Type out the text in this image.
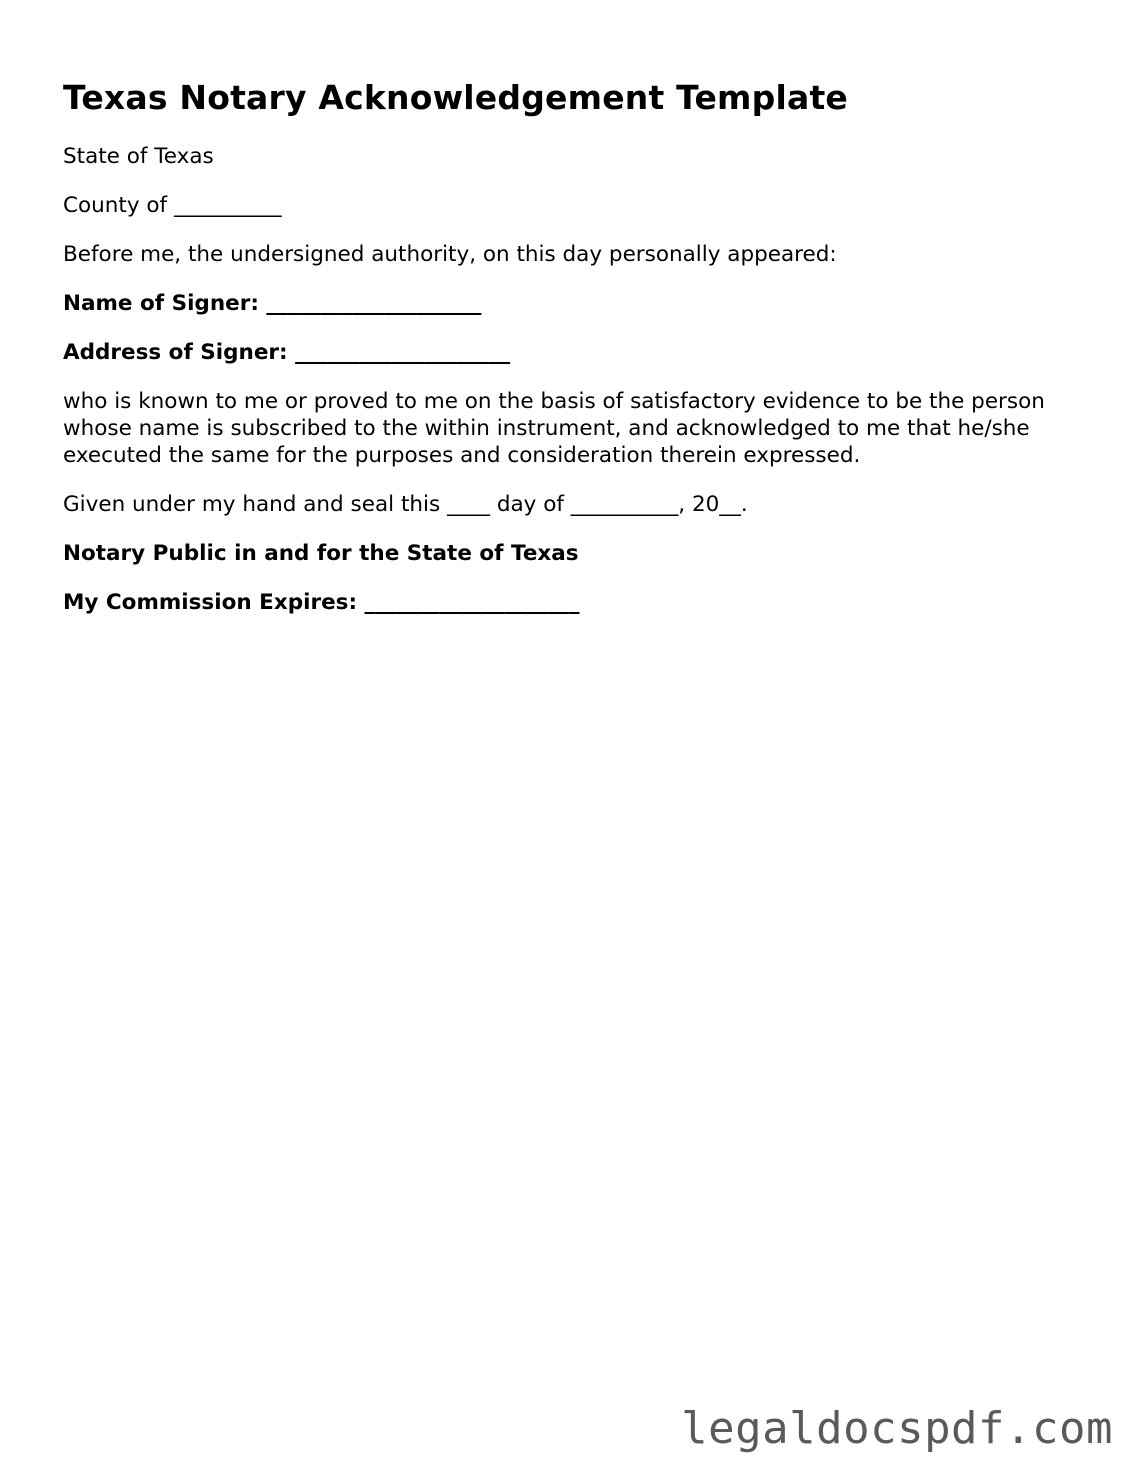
Texas Notary Acknowledgement Template

State of Texas

County of __________

Before me, the undersigned authority, on this day personally appeared:

Name of Signer: ____________________

Address of Signer: ____________________

who is known to me or proved to me on the basis of satisfactory evidence to be the person whose name is subscribed to the within instrument, and acknowledged to me that he/she executed the same for the purposes and consideration therein expressed.

Given under my hand and seal this ____ day of __________, 20__.

Notary Public in and for the State of Texas

My Commission Expires: ____________________

legaldocspdf.com
